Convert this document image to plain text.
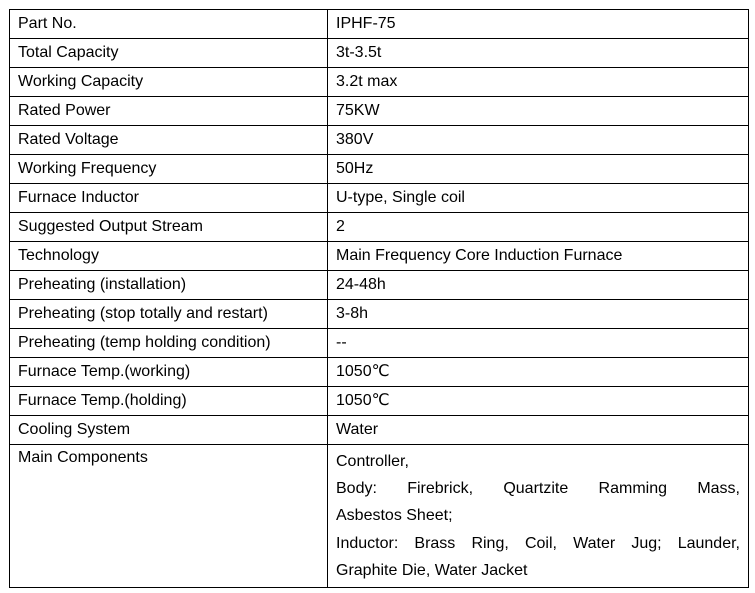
Part No.	IPHF-75
Total Capacity	3t-3.5t
Working Capacity	3.2t max
Rated Power	75KW
Rated Voltage	380V
Working Frequency	50Hz
Furnace Inductor	U-type, Single coil
Suggested Output Stream	2
Technology	Main Frequency Core Induction Furnace
Preheating (installation)	24-48h
Preheating (stop totally and restart)	3-8h
Preheating (temp holding condition)	--
Furnace Temp.(working)	1050℃
Furnace Temp.(holding)	1050℃
Cooling System	Water
Main Components	Controller,
Body: Firebrick, Quartzite Ramming Mass,
Asbestos Sheet;
Inductor: Brass Ring, Coil, Water Jug; Launder,
Graphite Die, Water Jacket
